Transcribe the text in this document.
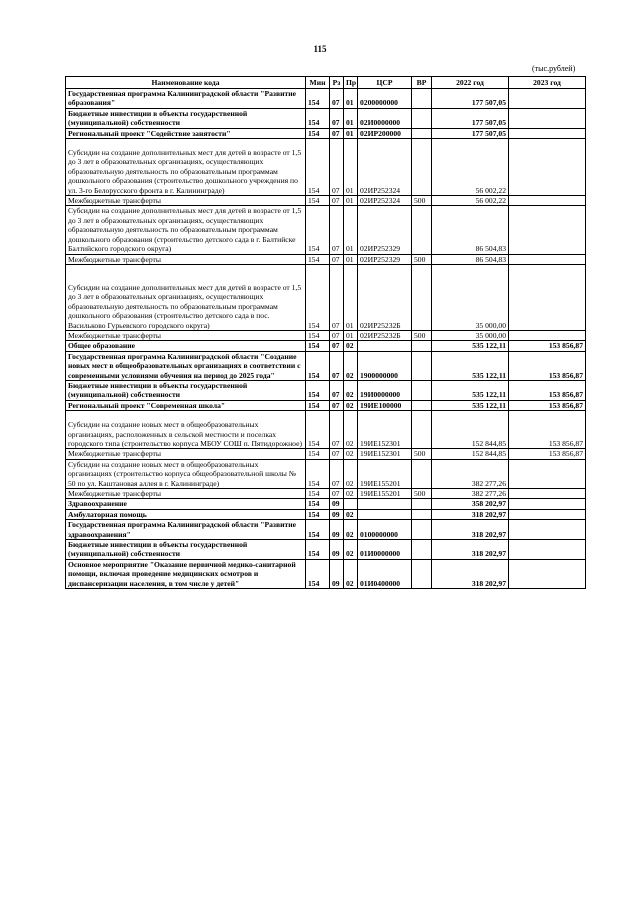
115
(тыс.рублей)
Наименование кода	Мин	Рз	Пр	ЦСР	ВР	2022 год	2023 год
Государственная программа Калининградской области "Развитие образования"	154	07	01	0200000000		177 507,05	
Бюджетные инвестиции в объекты государственной (муниципальной) собственности	154	07	01	02И0000000		177 507,05	
Региональный проект "Содействие занятости"	154	07	01	02ИР200000		177 507,05	
Субсидии на создание дополнительных мест для детей в возрасте от 1,5 до 3 лет в образовательных организациях, осуществляющих образовательную деятельность по образовательным программам дошкольного образования (строительство дошкольного учреждения по ул. 3-го Белорусского фронта в г. Калининграде)	154	07	01	02ИР252324		56 002,22	
Межбюджетные трансферты	154	07	01	02ИР252324	500	56 002,22	
Субсидии на создание дополнительных мест для детей в возрасте от 1,5 до 3 лет в образовательных организациях, осуществляющих образовательную деятельность по образовательным программам дошкольного образования (строительство детского сада в г. Балтийске Балтийского городского округа)	154	07	01	02ИР252329		86 504,83	
Межбюджетные трансферты	154	07	01	02ИР252329	500	86 504,83	
Субсидии на создание дополнительных мест для детей в возрасте от 1,5 до 3 лет в образовательных организациях, осуществляющих образовательную деятельность по образовательным программам дошкольного образования (строительство детского сада в пос. Васильково Гурьевского городского округа)	154	07	01	02ИР25232Б		35 000,00	
Межбюджетные трансферты	154	07	01	02ИР25232Б	500	35 000,00	
Общее образование	154	07	02			535 122,11	153 856,87
Государственная программа Калининградской области "Создание новых мест в общеобразовательных организациях в соответствии с современными условиями обучения на период до 2025 года"	154	07	02	1900000000		535 122,11	153 856,87
Бюджетные инвестиции в объекты государственной (муниципальной) собственности	154	07	02	19И0000000		535 122,11	153 856,87
Региональный проект "Современная школа"	154	07	02	19ИЕ100000		535 122,11	153 856,87
Субсидии на создание новых мест в общеобразовательных организациях, расположенных в сельской местности и поселках городского типа (строительство корпуса МБОУ СОШ п. Пятидорожное)	154	07	02	19ИЕ152301		152 844,85	153 856,87
Межбюджетные трансферты	154	07	02	19ИЕ152301	500	152 844,85	153 856,87
Субсидии на создание новых мест в общеобразовательных организациях (строительство корпуса общеобразовательной школы № 50 по ул. Каштановая аллея в г. Калининграде)	154	07	02	19ИЕ155201		382 277,26	
Межбюджетные трансферты	154	07	02	19ИЕ155201	500	382 277,26	
Здравоохранение	154	09				358 202,97	
Амбулаторная помощь	154	09	02			318 202,97	
Государственная программа Калининградской области "Развитие здравоохранения"	154	09	02	0100000000		318 202,97	
Бюджетные инвестиции в объекты государственной (муниципальной) собственности	154	09	02	01И0000000		318 202,97	
Основное мероприятие "Оказание первичной медико-санитарной помощи, включая проведение медицинских осмотров и диспансеризации населения, в том числе у детей"	154	09	02	01И0400000		318 202,97	
